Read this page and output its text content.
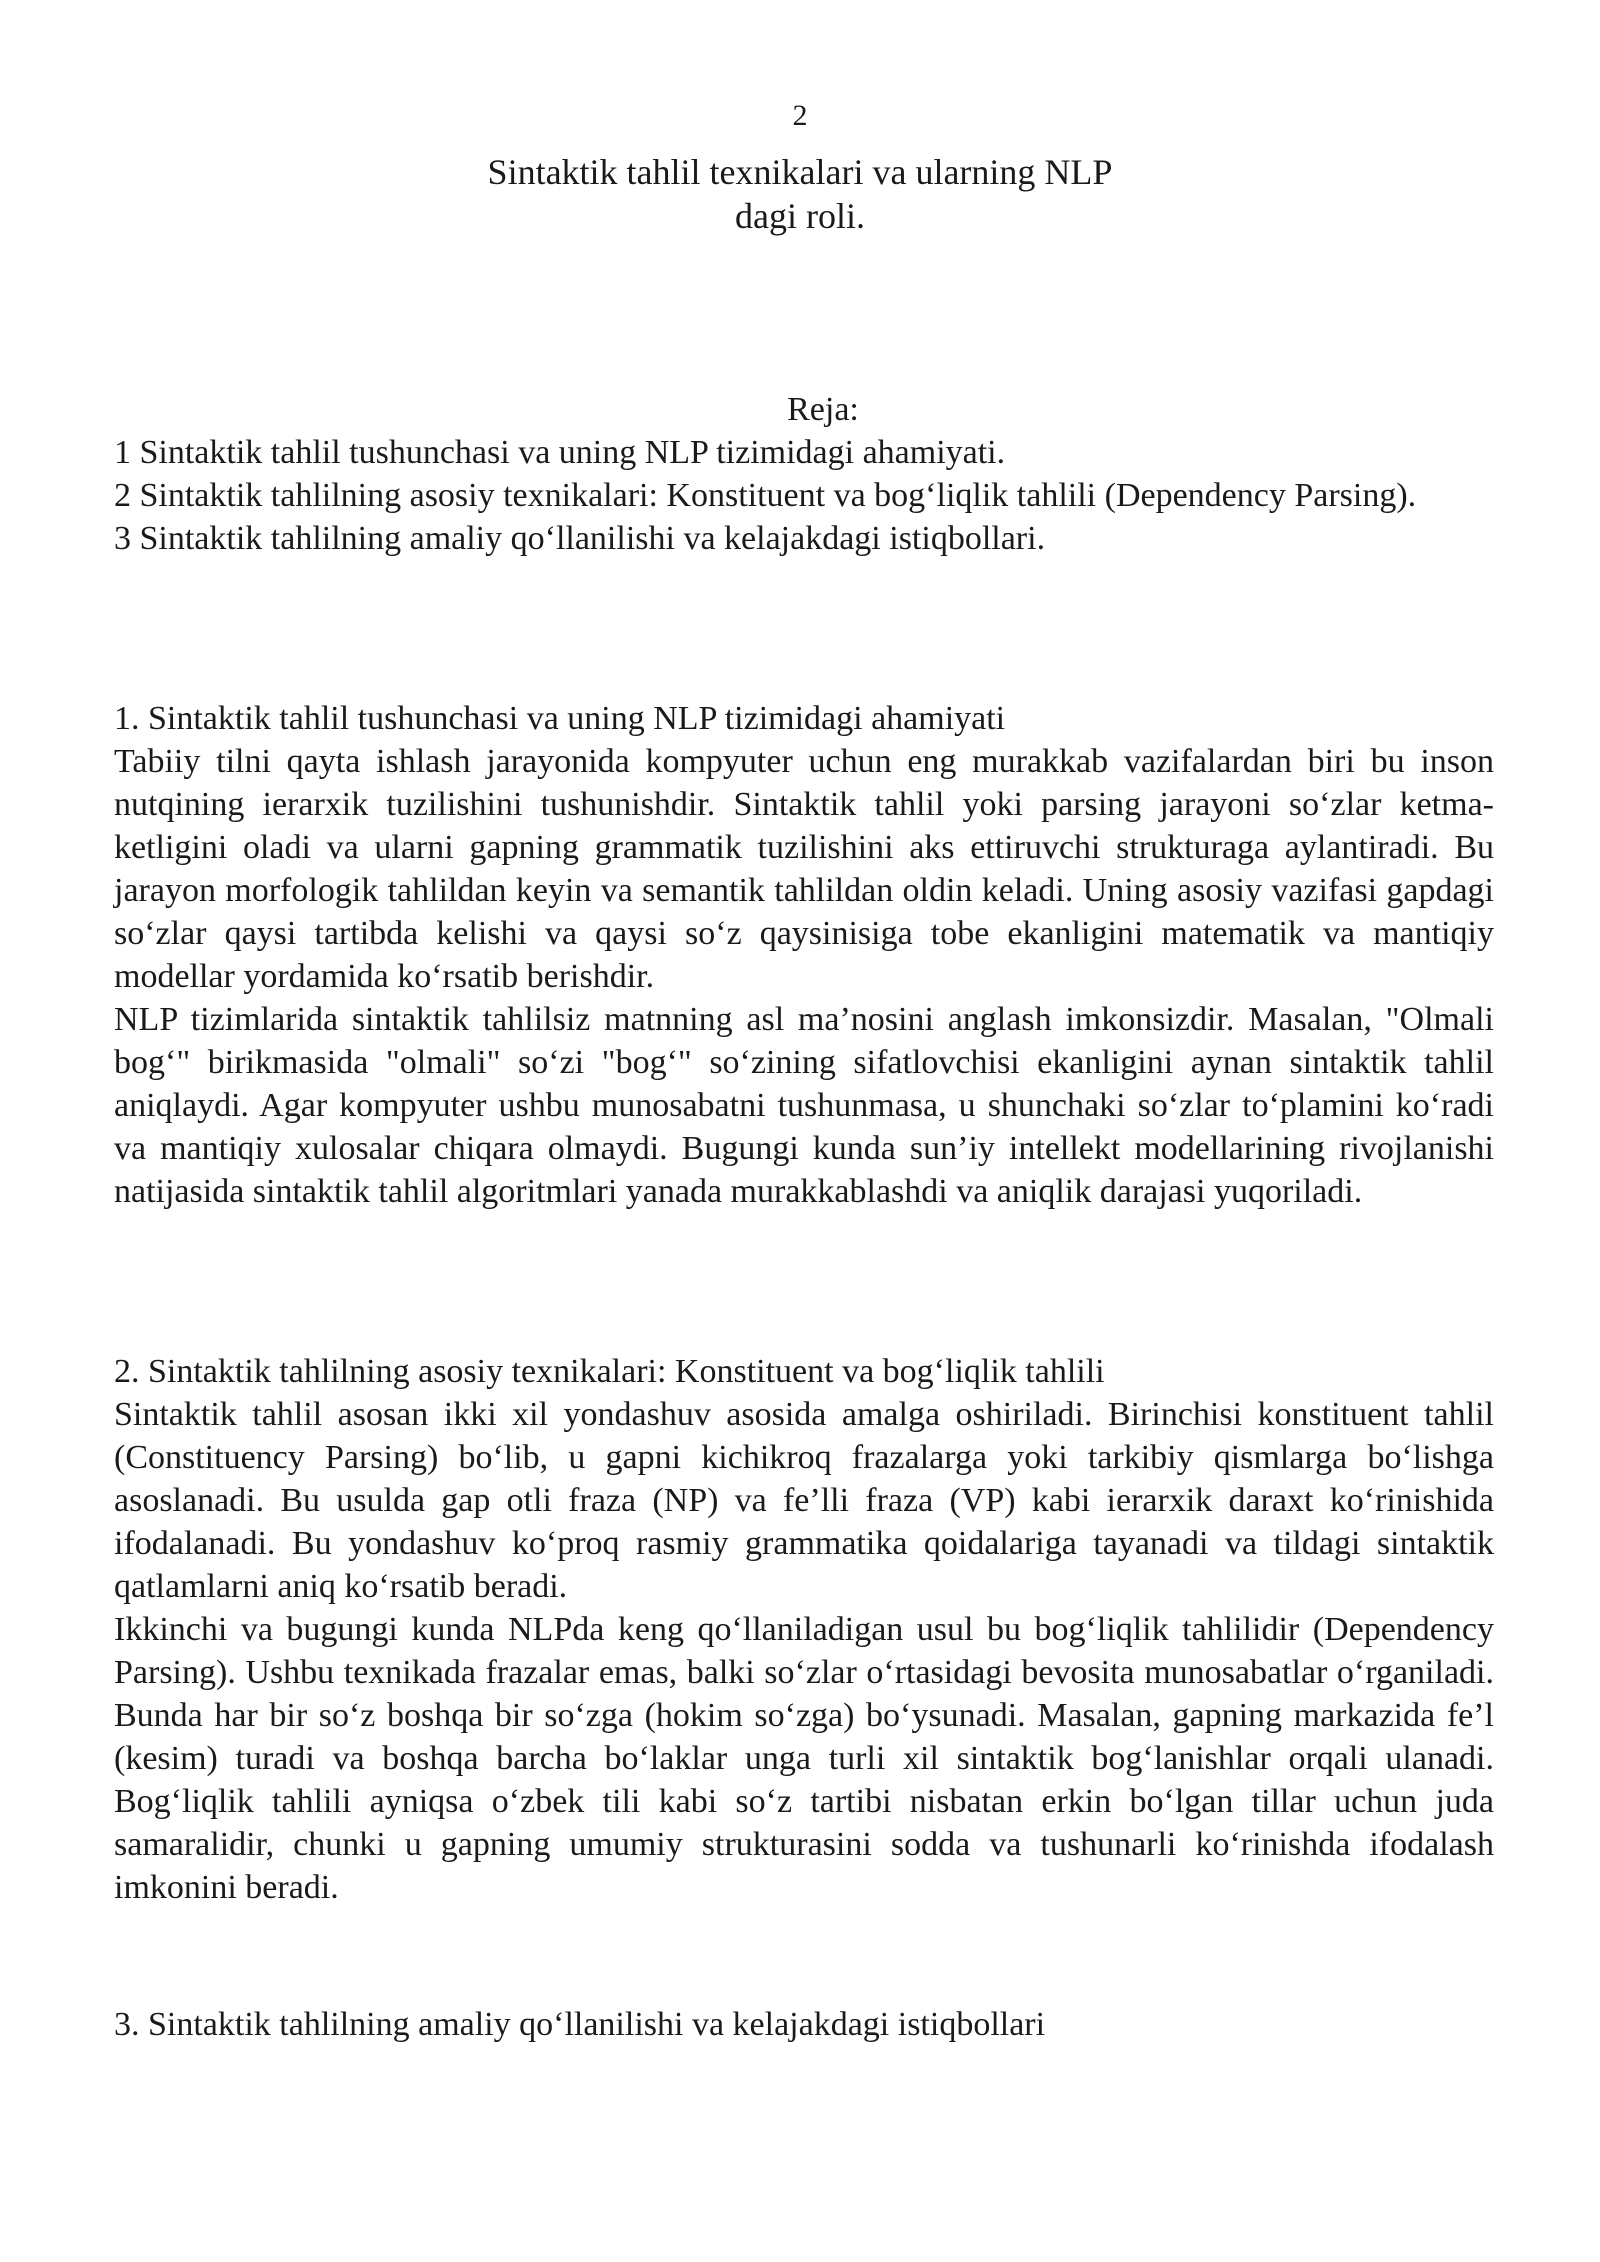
2
Sintaktik tahlil texnikalari va ularning NLP
dagi roli.
Reja:

1 Sintaktik tahlil tushunchasi va uning NLP tizimidagi ahamiyati.

2 Sintaktik tahlilning asosiy texnikalari: Konstituent va bog‘liqlik tahlili (Dependency Parsing).

3 Sintaktik tahlilning amaliy qo‘llanilishi va kelajakdagi istiqbollari.

1. Sintaktik tahlil tushunchasi va uning NLP tizimidagi ahamiyati

Tabiiy tilni qayta ishlash jarayonida kompyuter uchun eng murakkab vazifalardan biri bu inson nutqining ierarxik tuzilishini tushunishdir. Sintaktik tahlil yoki parsing jarayoni so‘zlar ketma-ketligini oladi va ularni gapning grammatik tuzilishini aks ettiruvchi strukturaga aylantiradi. Bu jarayon morfologik tahlildan keyin va semantik tahlildan oldin keladi. Uning asosiy vazifasi gapdagi so‘zlar qaysi tartibda kelishi va qaysi so‘z qaysinisiga tobe ekanligini matematik va mantiqiy modellar yordamida ko‘rsatib berishdir.

NLP tizimlarida sintaktik tahlilsiz matnning asl ma’nosini anglash imkonsizdir. Masalan, "Olmali bog‘" birikmasida "olmali" so‘zi "bog‘" so‘zining sifatlovchisi ekanligini aynan sintaktik tahlil aniqlaydi. Agar kompyuter ushbu munosabatni tushunmasa, u shunchaki so‘zlar to‘plamini ko‘radi va mantiqiy xulosalar chiqara olmaydi. Bugungi kunda sun’iy intellekt modellarining rivojlanishi natijasida sintaktik tahlil algoritmlari yanada murakkablashdi va aniqlik darajasi yuqoriladi.

2. Sintaktik tahlilning asosiy texnikalari: Konstituent va bog‘liqlik tahlili

Sintaktik tahlil asosan ikki xil yondashuv asosida amalga oshiriladi. Birinchisi konstituent tahlil (Constituency Parsing) bo‘lib, u gapni kichikroq frazalarga yoki tarkibiy qismlarga bo‘lishga asoslanadi. Bu usulda gap otli fraza (NP) va fe’lli fraza (VP) kabi ierarxik daraxt ko‘rinishida ifodalanadi. Bu yondashuv ko‘proq rasmiy grammatika qoidalariga tayanadi va tildagi sintaktik qatlamlarni aniq ko‘rsatib beradi.

Ikkinchi va bugungi kunda NLPda keng qo‘llaniladigan usul bu bog‘liqlik tahlilidir (Dependency Parsing). Ushbu texnikada frazalar emas, balki so‘zlar o‘rtasidagi bevosita munosabatlar o‘rganiladi. Bunda har bir so‘z boshqa bir so‘zga (hokim so‘zga) bo‘ysunadi. Masalan, gapning markazida fe’l (kesim) turadi va boshqa barcha bo‘laklar unga turli xil sintaktik bog‘lanishlar orqali ulanadi. Bog‘liqlik tahlili ayniqsa o‘zbek tili kabi so‘z tartibi nisbatan erkin bo‘lgan tillar uchun juda samaralidir, chunki u gapning umumiy strukturasini sodda va tushunarli ko‘rinishda ifodalash imkonini beradi.

3. Sintaktik tahlilning amaliy qo‘llanilishi va kelajakdagi istiqbollari
